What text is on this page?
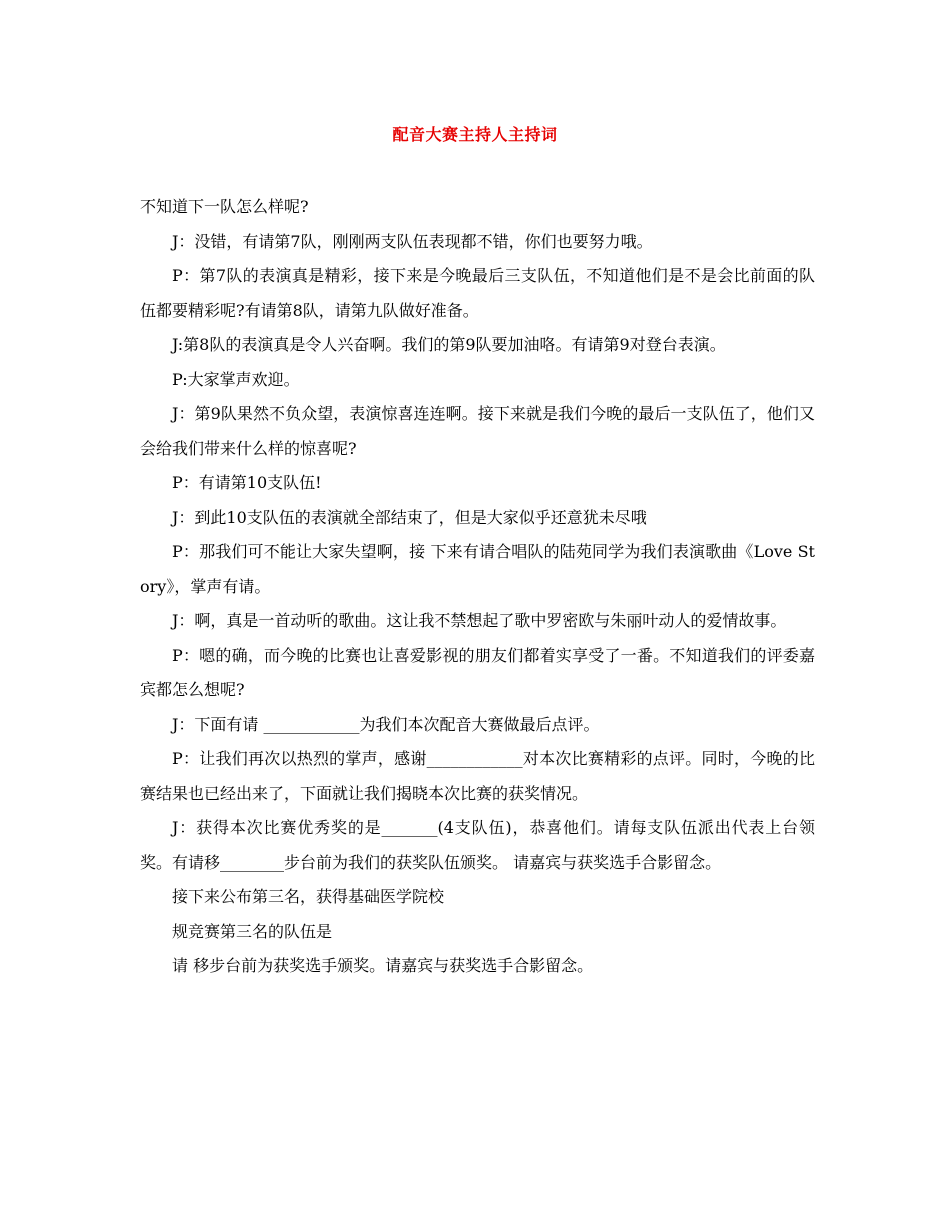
配音大赛主持人主持词

不知道下一队怎么样呢?

J：没错，有请第7队，刚刚两支队伍表现都不错，你们也要努力哦。

P：第7队的表演真是精彩，接下来是今晚最后三支队伍，不知道他们是不是会比前面的队伍都要精彩呢?有请第8队，请第九队做好准备。

J:第8队的表演真是令人兴奋啊。我们的第9队要加油咯。有请第9对登台表演。

P:大家掌声欢迎。

J：第9队果然不负众望，表演惊喜连连啊。接下来就是我们今晚的最后一支队伍了，他们又会给我们带来什么样的惊喜呢?

P：有请第10支队伍!

J：到此10支队伍的表演就全部结束了，但是大家似乎还意犹未尽哦

P：那我们可不能让大家失望啊，接 下来有请合唱队的陆苑同学为我们表演歌曲《Love Story》，掌声有请。

J：啊，真是一首动听的歌曲。这让我不禁想起了歌中罗密欧与朱丽叶动人的爱情故事。

P：嗯的确，而今晚的比赛也让喜爱影视的朋友们都着实享受了一番。不知道我们的评委嘉宾都怎么想呢?

J：下面有请 ____________为我们本次配音大赛做最后点评。

P：让我们再次以热烈的掌声，感谢____________对本次比赛精彩的点评。同时，今晚的比赛结果也已经出来了，下面就让我们揭晓本次比赛的获奖情况。

J：获得本次比赛优秀奖的是_______(4支队伍)，恭喜他们。请每支队伍派出代表上台领奖。有请移________步台前为我们的获奖队伍颁奖。 请嘉宾与获奖选手合影留念。

接下来公布第三名，获得基础医学院校

规竞赛第三名的队伍是

请 移步台前为获奖选手颁奖。请嘉宾与获奖选手合影留念。
